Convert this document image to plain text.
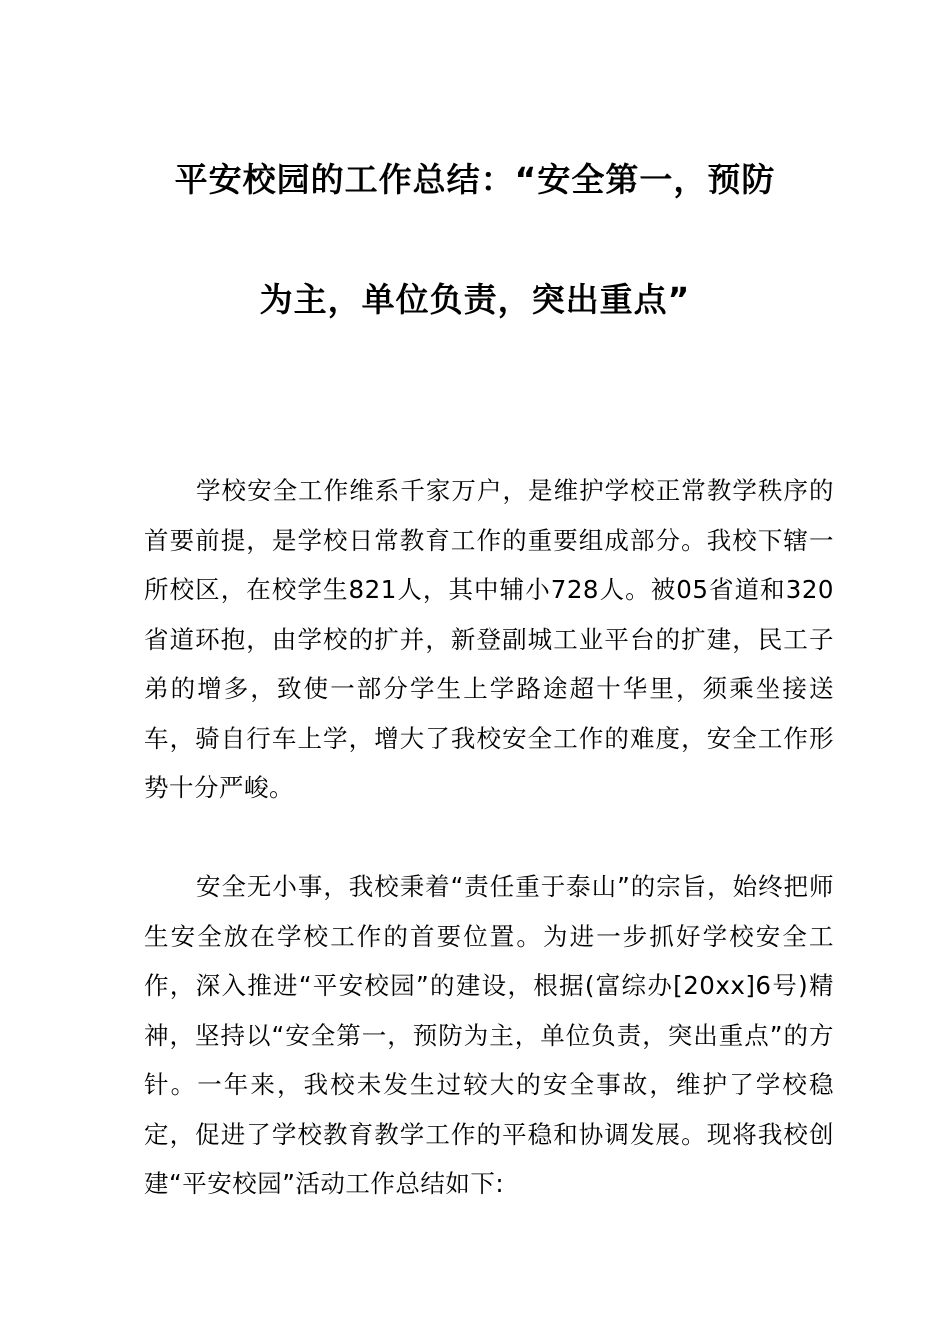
平安校园的工作总结：“安全第一，预防
为主，单位负责，突出重点”

学校安全工作维系千家万户，是维护学校正常教学秩序的首要前提，是学校日常教育工作的重要组成部分。我校下辖一所校区，在校学生821人，其中辅小728人。被05省道和320省道环抱，由学校的扩并，新登副城工业平台的扩建，民工子弟的增多，致使一部分学生上学路途超十华里，须乘坐接送车，骑自行车上学，增大了我校安全工作的难度，安全工作形势十分严峻。

安全无小事，我校秉着“责任重于泰山”的宗旨，始终把师生安全放在学校工作的首要位置。为进一步抓好学校安全工作，深入推进“平安校园”的建设，根据(富综办[20xx]6号)精神，坚持以“安全第一，预防为主，单位负责，突出重点”的方针。一年来，我校未发生过较大的安全事故，维护了学校稳定，促进了学校教育教学工作的平稳和协调发展。现将我校创建“平安校园”活动工作总结如下:
